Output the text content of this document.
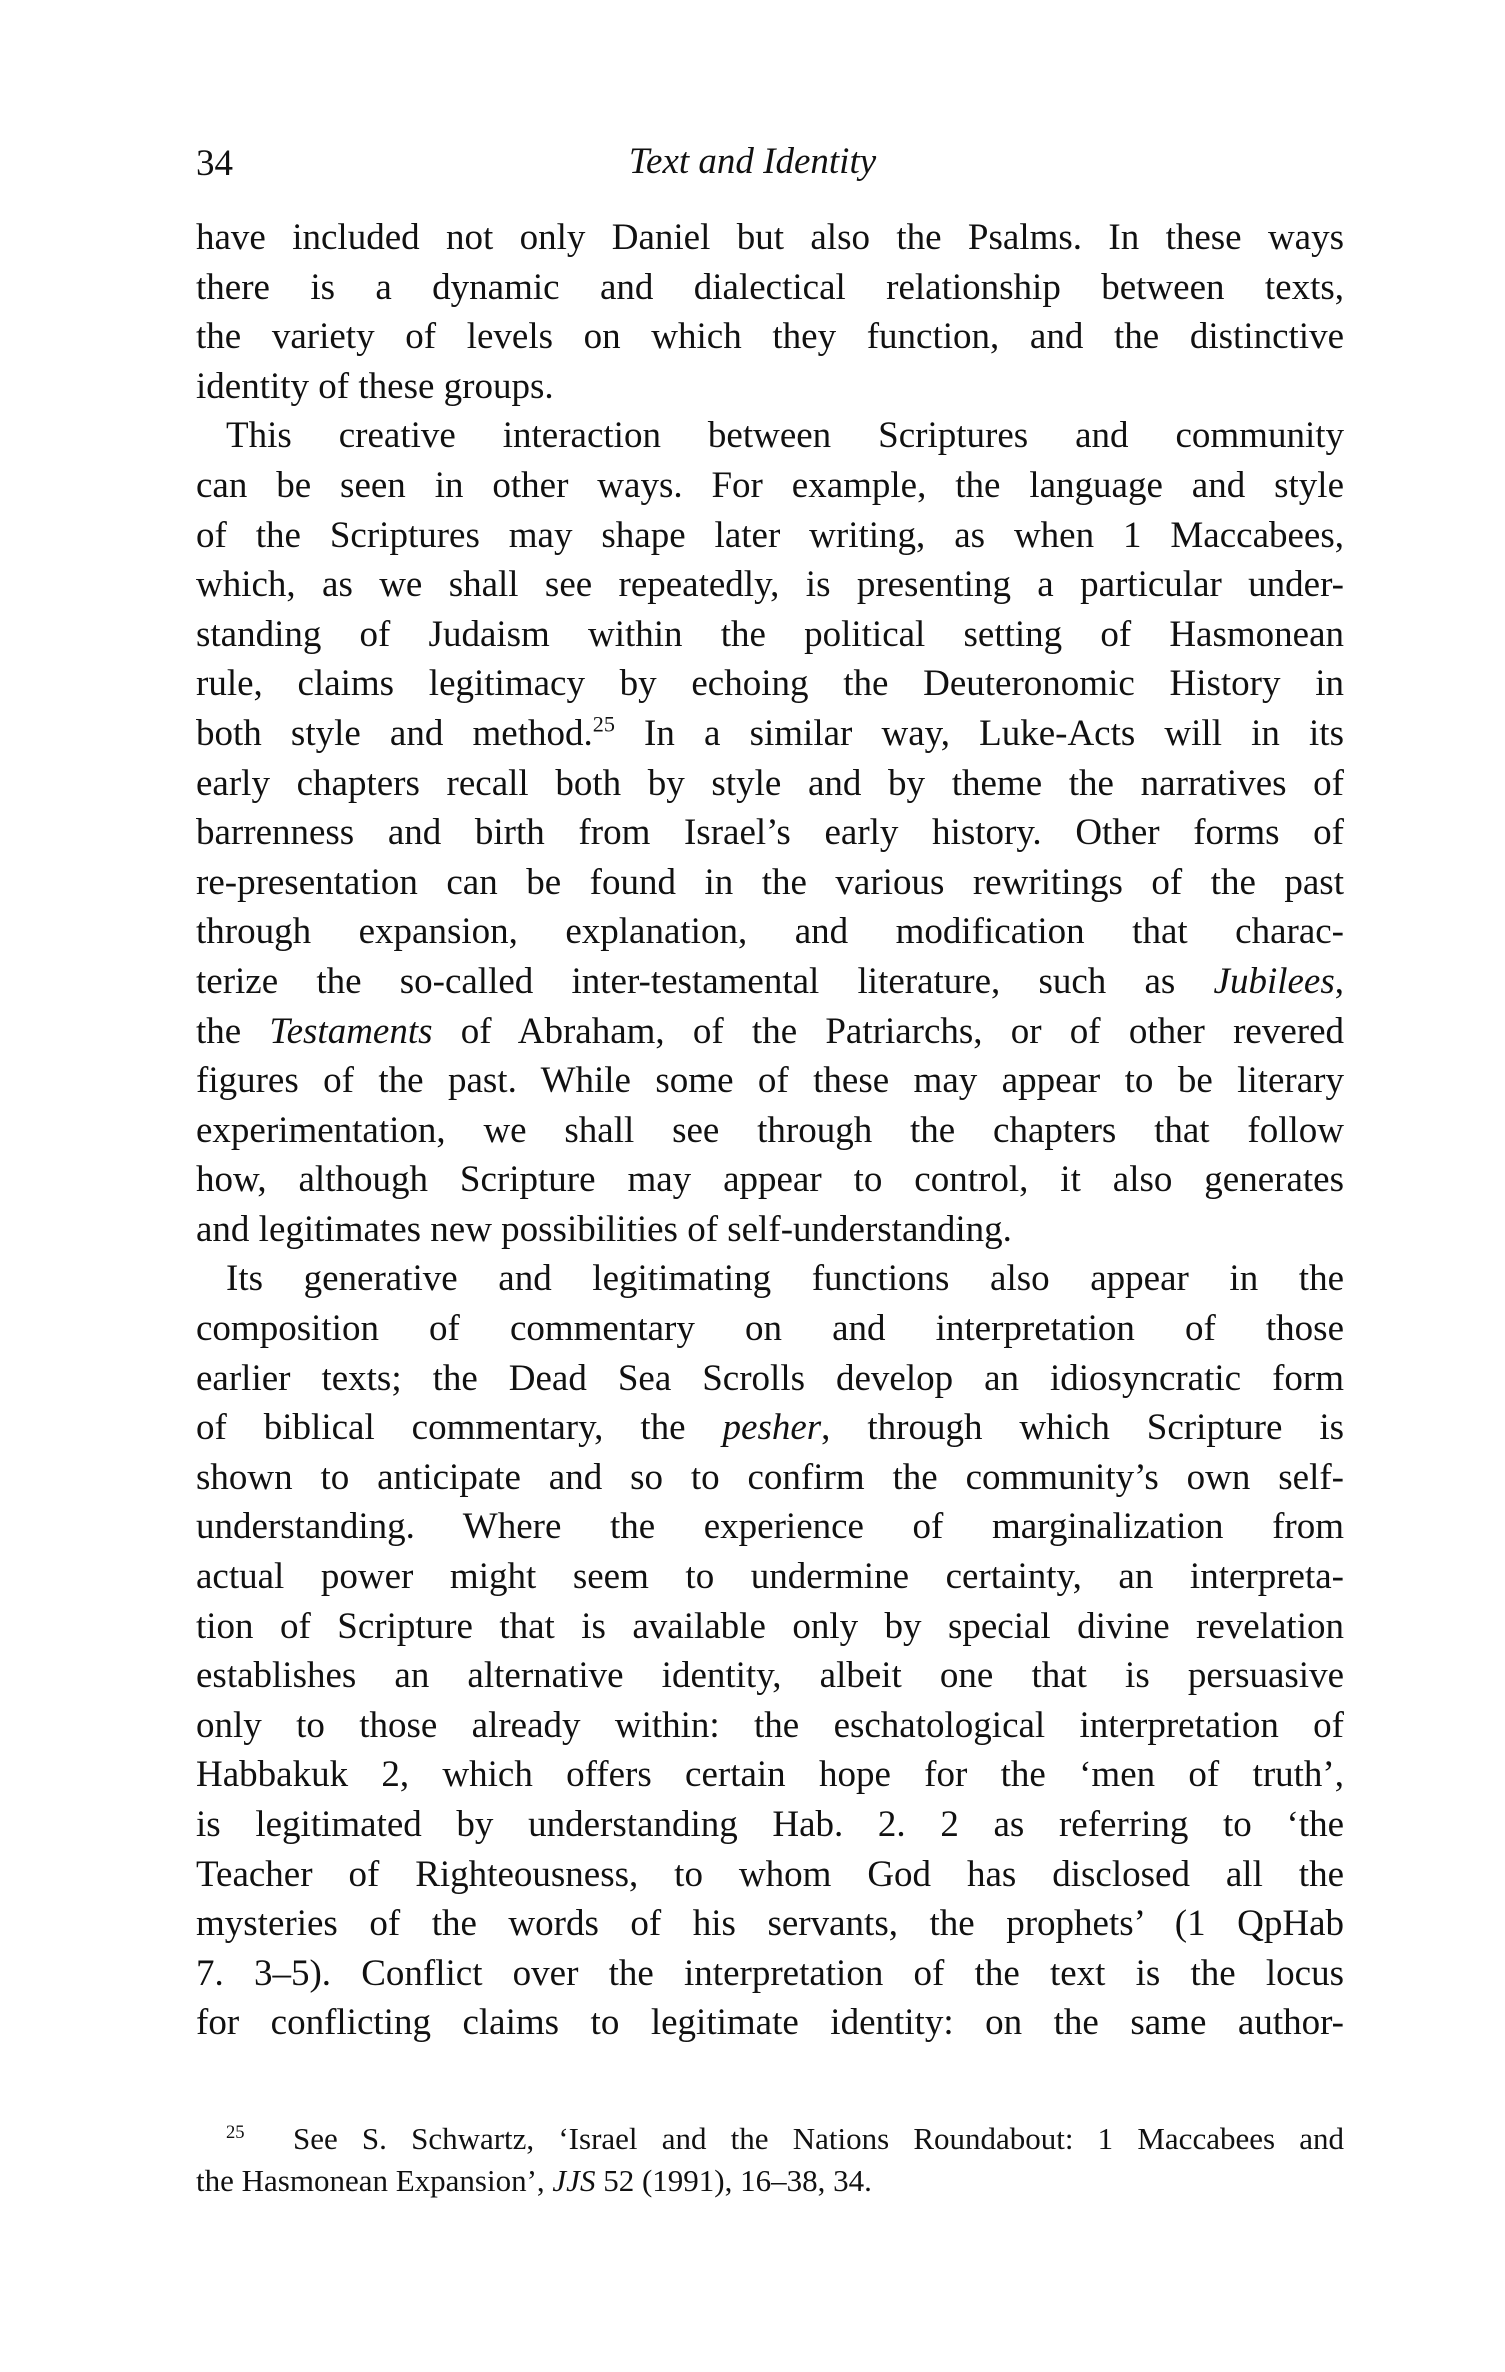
34	Text and Identity
have included not only Daniel but also the Psalms. In these ways
there is a dynamic and dialectical relationship between texts,
the variety of levels on which they function, and the distinctive
identity of these groups.
This creative interaction between Scriptures and community
can be seen in other ways. For example, the language and style
of the Scriptures may shape later writing, as when 1 Maccabees,
which, as we shall see repeatedly, is presenting a particular under-
standing of Judaism within the political setting of Hasmonean
rule, claims legitimacy by echoing the Deuteronomic History in
both style and method.$^{25}$ In a similar way, Luke-Acts will in its
early chapters recall both by style and by theme the narratives of
barrenness and birth from Israel’s early history. Other forms of
re-presentation can be found in the various rewritings of the past
through expansion, explanation, and modification that charac-
terize the so-called inter-testamental literature, such as Jubilees,
the Testaments of Abraham, of the Patriarchs, or of other revered
figures of the past. While some of these may appear to be literary
experimentation, we shall see through the chapters that follow
how, although Scripture may appear to control, it also generates
and legitimates new possibilities of self-understanding.
Its generative and legitimating functions also appear in the
composition of commentary on and interpretation of those
earlier texts; the Dead Sea Scrolls develop an idiosyncratic form
of biblical commentary, the pesher, through which Scripture is
shown to anticipate and so to confirm the community’s own self-
understanding. Where the experience of marginalization from
actual power might seem to undermine certainty, an interpreta-
tion of Scripture that is available only by special divine revelation
establishes an alternative identity, albeit one that is persuasive
only to those already within: the eschatological interpretation of
Habbakuk 2, which offers certain hope for the ‘men of truth’,
is legitimated by understanding Hab. 2. 2 as referring to ‘the
Teacher of Righteousness, to whom God has disclosed all the
mysteries of the words of his servants, the prophets’ (1 QpHab
7. 3–5). Conflict over the interpretation of the text is the locus
for conflicting claims to legitimate identity: on the same author-
$^{25}$  See S. Schwartz, ‘Israel and the Nations Roundabout: 1 Maccabees and
the Hasmonean Expansion’, JJS 52 (1991), 16–38, 34.
